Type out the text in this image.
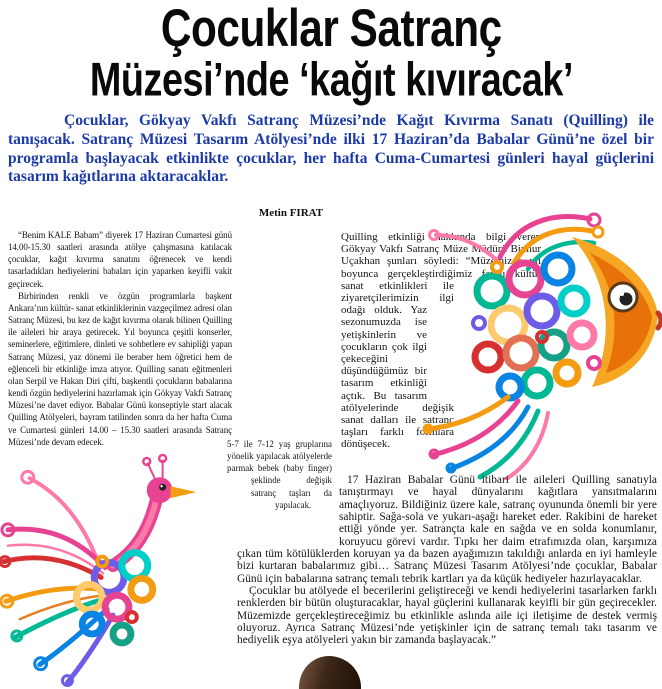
Çocuklar Satranç
Müzesi’nde ‘kağıt kıvıracak’

Çocuklar, Gökyay Vakfı Satranç Müzesi’nde Kağıt Kıvırma Sanatı (Quilling) ile tanışacak. Satranç Müzesi Tasarım Atölyesi’nde ilki 17 Haziran’da Babalar Günü’ne özel bir programla başlayacak etkinlikte çocuklar, her hafta Cuma-Cumartesi günleri hayal güçlerini tasarım kağıtlarına aktaracaklar.

Metin FIRAT

“Benim KALE Babam” diyerek 17 Haziran Cumartesi günü 14.00-15.30 saatleri arasında atölye çalışmasına katılacak çocuklar, kağıt kıvırma sanatını öğrenecek ve kendi tasarladıkları hediyelerini babaları için yaparken keyifli vakit geçirecek.

Birbirinden renkli ve özgün programlarla başkent Ankara’nın kültür- sanat etkinliklerinin vazgeçilmez adresi olan Satranç Müzesi, bu kez de kağıt kıvırma olarak bilinen Quilling ile aileleri bir araya getirecek. Yıl boyunca çeşitli konserler, seminerlere, eğitimlere, dinleti ve sohbetlere ev sahipliği yapan Satranç Müzesi, yaz dönemi ile beraber hem öğretici hem de eğlenceli bir etkinliğe imza atıyor. Quilling sanatı eğitmenleri olan Serpil ve Hakan Diri çifti, başkentli çocukların babalarına kendi özgün hediyelerini hazırlamak için Gökyay Vakfı Satranç Müzesi’ne davet ediyor. Babalar Günü konseptiyle start alacak Quilling Atölyeleri, bayram tatilinden sonra da her hafta Cuma ve Cumartesi günleri 14.00 – 15.30 saatleri arasında Satranç Müzesi’nde devam edecek.	5-7 ile 7-12 yaş gruplarına yönelik yapılacak atölyelerde parmak bebek (baby finger) şeklinde değişik satranç taşları da yapılacak.
Quilling etkinliği hakkında bilgi veren Gökyay Vakfı Satranç Müze Müdürü Binnur Uçakhan şunları söyledi: “Müzemizde yıl boyunca gerçekleştirdiğimiz farklı kültür sanat etkinlikleri ile ziyaretçilerimizin ilgi odağı olduk. Yaz sezonumuzda ise yetişkinlerin ve çocukların çok ilgi çekeceğini düşündüğümüz bir tasarım etkinliği açtık. Bu tasarım atölyelerinde değişik sanat dalları ile satranç taşları farklı formlara dönüşecek.

17 Haziran Babalar Günü itibari ile aileleri Quilling sanatıyla tanıştırmayı ve hayal dünyalarını kağıtlara yansıtmalarını amaçlıyoruz. Bildiğiniz üzere kale, satranç oyununda önemli bir yere sahiptir. Sağa-sola ve yukarı-aşağı hareket eder. Rakibini de hareket ettiği yönde yer. Satrançta kale en sağda ve en solda konumlanır, koruyucu görevi vardır. Tıpkı her daim etrafımızda olan, karşımıza çıkan tüm kötülüklerden koruyan ya da bazen ayağımızın takıldığı anlarda en iyi hamleyle bizi kurtaran babalarımız gibi… Satranç Müzesi Tasarım Atölyesi’nde çocuklar, Babalar Günü için babalarına satranç temalı tebrik kartları ya da küçük hediyeler hazırlayacaklar.

Çocuklar bu atölyede el becerilerini geliştireceği ve kendi hediyelerini tasarlarken farklı renklerden bir bütün oluşturacaklar, hayal güçlerini kullanarak keyifli bir gün geçirecekler. Müzemizde gerçekleştireceğimiz bu etkinlikle aslında aile içi iletişime de destek vermiş oluyoruz. Ayrıca Satranç Müzesi’nde yetişkinler için de satranç temalı takı tasarım ve hediyelik eşya atölyeleri yakın bir zamanda başlayacak.”
